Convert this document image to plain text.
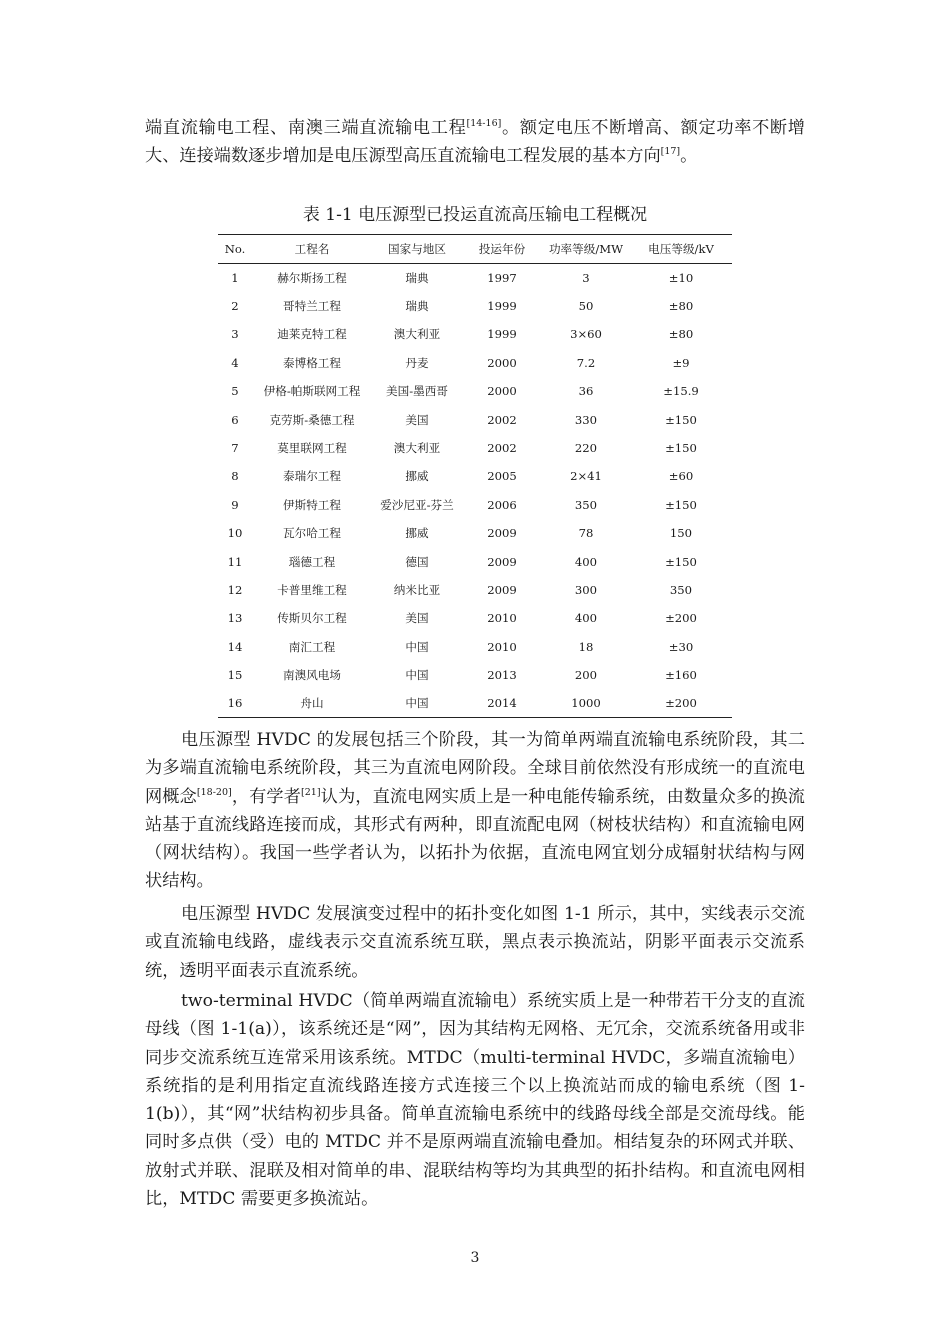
端直流输电工程、南澳三端直流输电工程[14-16]。额定电压不断增高、额定功率不断增大、连接端数逐步增加是电压源型高压直流输电工程发展的基本方向[17]。

表 1-1 电压源型已投运直流高压输电工程概况
No.	工程名	国家与地区	投运年份	功率等级/MW	电压等级/kV
1	赫尔斯扬工程	瑞典	1997	3	±10
2	哥特兰工程	瑞典	1999	50	±80
3	迪莱克特工程	澳大利亚	1999	3×60	±80
4	泰博格工程	丹麦	2000	7.2	±9
5	伊格-帕斯联网工程	美国-墨西哥	2000	36	±15.9
6	克劳斯-桑德工程	美国	2002	330	±150
7	莫里联网工程	澳大利亚	2002	220	±150
8	泰瑞尔工程	挪威	2005	2×41	±60
9	伊斯特工程	爱沙尼亚-芬兰	2006	350	±150
10	瓦尔哈工程	挪威	2009	78	150
11	瑙德工程	德国	2009	400	±150
12	卡普里维工程	纳米比亚	2009	300	350
13	传斯贝尔工程	美国	2010	400	±200
14	南汇工程	中国	2010	18	±30
15	南澳风电场	中国	2013	200	±160
16	舟山	中国	2014	1000	±200

电压源型 HVDC 的发展包括三个阶段，其一为简单两端直流输电系统阶段，其二为多端直流输电系统阶段，其三为直流电网阶段。全球目前依然没有形成统一的直流电网概念[18-20]，有学者[21]认为，直流电网实质上是一种电能传输系统，由数量众多的换流站基于直流线路连接而成，其形式有两种，即直流配电网（树枝状结构）和直流输电网（网状结构）。我国一些学者认为，以拓扑为依据，直流电网宜划分成辐射状结构与网状结构。

电压源型 HVDC 发展演变过程中的拓扑变化如图 1-1 所示，其中，实线表示交流或直流输电线路，虚线表示交直流系统互联，黑点表示换流站，阴影平面表示交流系统，透明平面表示直流系统。

two-terminal HVDC（简单两端直流输电）系统实质上是一种带若干分支的直流母线（图 1-1(a)），该系统还是“网”，因为其结构无网格、无冗余，交流系统备用或非同步交流系统互连常采用该系统。MTDC（multi-terminal HVDC，多端直流输电）系统指的是利用指定直流线路连接方式连接三个以上换流站而成的输电系统（图 1-1(b)），其“网”状结构初步具备。简单直流输电系统中的线路母线全部是交流母线。能同时多点供（受）电的 MTDC 并不是原两端直流输电叠加。相结复杂的环网式并联、放射式并联、混联及相对简单的串、混联结构等均为其典型的拓扑结构。和直流电网相比，MTDC 需要更多换流站。

3
